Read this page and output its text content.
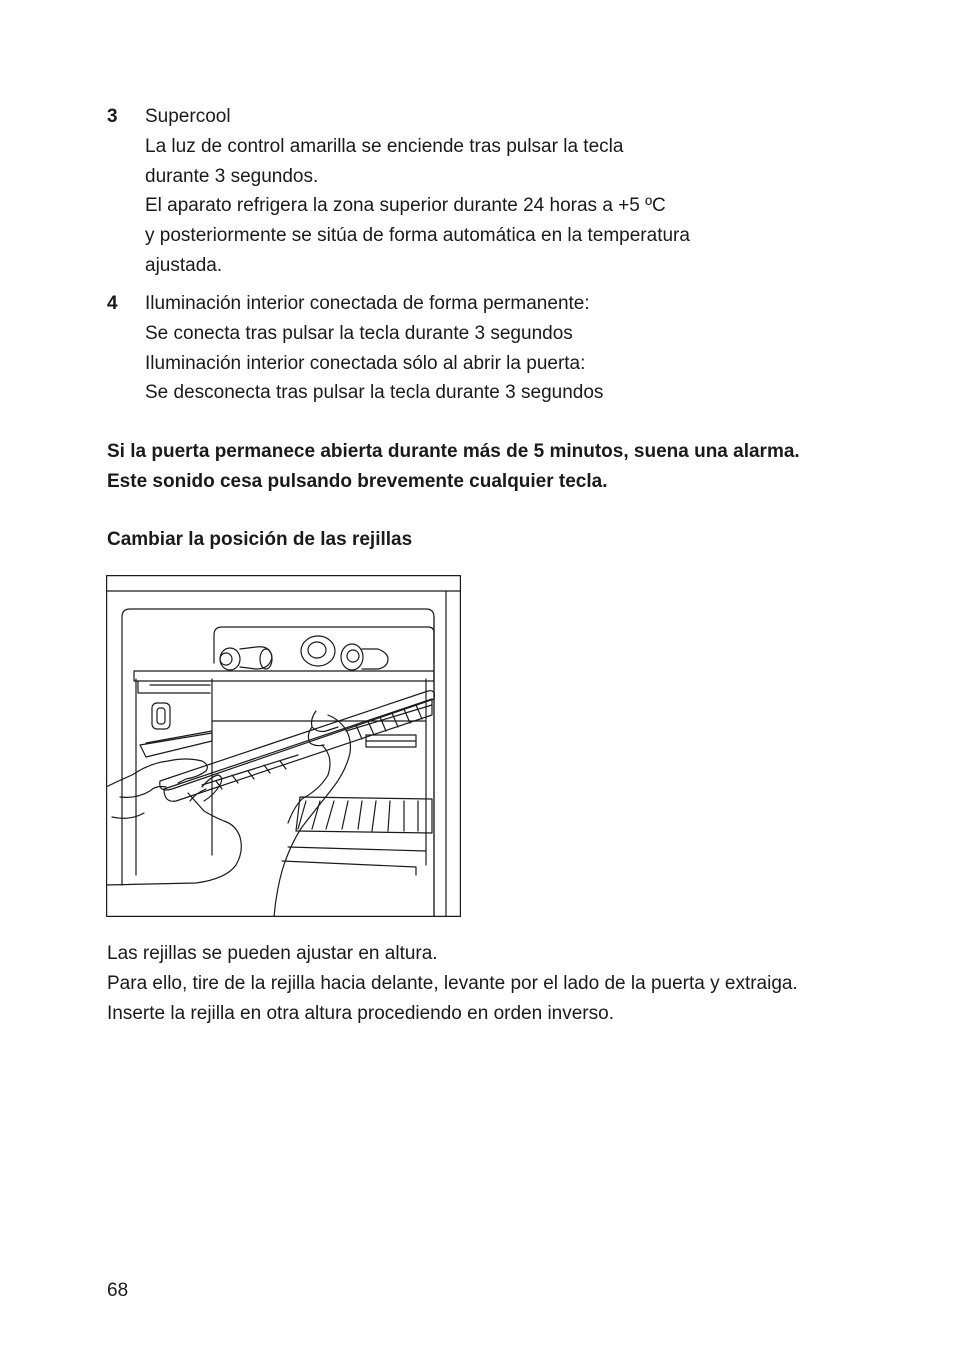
3	Supercool
La luz de control amarilla se enciende tras pulsar la tecla
durante 3 segundos.
El aparato refrigera la zona superior durante 24 horas a +5 ºC
y posteriormente se sitúa de forma automática en la temperatura
ajustada.
4	Iluminación interior conectada de forma permanente:
Se conecta tras pulsar la tecla durante 3 segundos
Iluminación interior conectada sólo al abrir la puerta:
Se desconecta tras pulsar la tecla durante 3 segundos
Si la puerta permanece abierta durante más de 5 minutos, suena una alarma.
Este sonido cesa pulsando brevemente cualquier tecla.
Cambiar la posición de las rejillas
Las rejillas se pueden ajustar en altura.
Para ello, tire de la rejilla hacia delante, levante por el lado de la puerta y extraiga.
Inserte la rejilla en otra altura procediendo en orden inverso.
68
